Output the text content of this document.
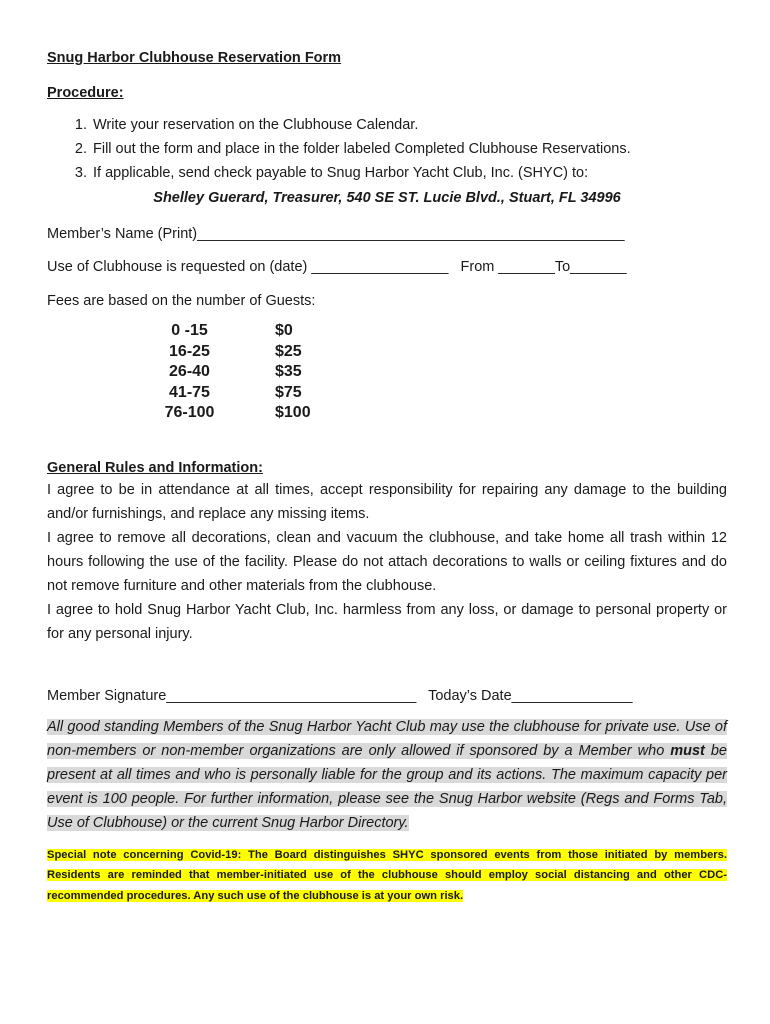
Snug Harbor Clubhouse Reservation Form
Procedure:
1. Write your reservation on the Clubhouse Calendar.
2. Fill out the form and place in the folder labeled Completed Clubhouse Reservations.
3. If applicable, send check payable to Snug Harbor Yacht Club, Inc. (SHYC) to:
Shelley Guerard, Treasurer, 540 SE ST. Lucie Blvd., Stuart, FL 34996
Member’s Name (Print)_____________________________________________________
Use of Clubhouse is requested on (date) _________________   From _______To_______
Fees are based on the number of Guests:
0 -15	$0
16-25	$25
26-40	$35
41-75	$75
76-100	$100
General Rules and Information:

I agree to be in attendance at all times, accept responsibility for repairing any damage to the building and/or furnishings, and replace any missing items.

I agree to remove all decorations, clean and vacuum the clubhouse, and take home all trash within 12 hours following the use of the facility. Please do not attach decorations to walls or ceiling fixtures and do not remove furniture and other materials from the clubhouse.

I agree to hold Snug Harbor Yacht Club, Inc. harmless from any loss, or damage to personal property or for any personal injury.

Member Signature_______________________________   Today’s Date_______________
All good standing Members of the Snug Harbor Yacht Club may use the clubhouse for private use. Use of non-members or non-member organizations are only allowed if sponsored by a Member who must be present at all times and who is personally liable for the group and its actions. The maximum capacity per event is 100 people. For further information, please see the Snug Harbor website (Regs and Forms Tab, Use of Clubhouse) or the current Snug Harbor Directory.
Special note concerning Covid-19: The Board distinguishes SHYC sponsored events from those initiated by members. Residents are reminded that member-initiated use of the clubhouse should employ social distancing and other CDC-recommended procedures. Any such use of the clubhouse is at your own risk.
